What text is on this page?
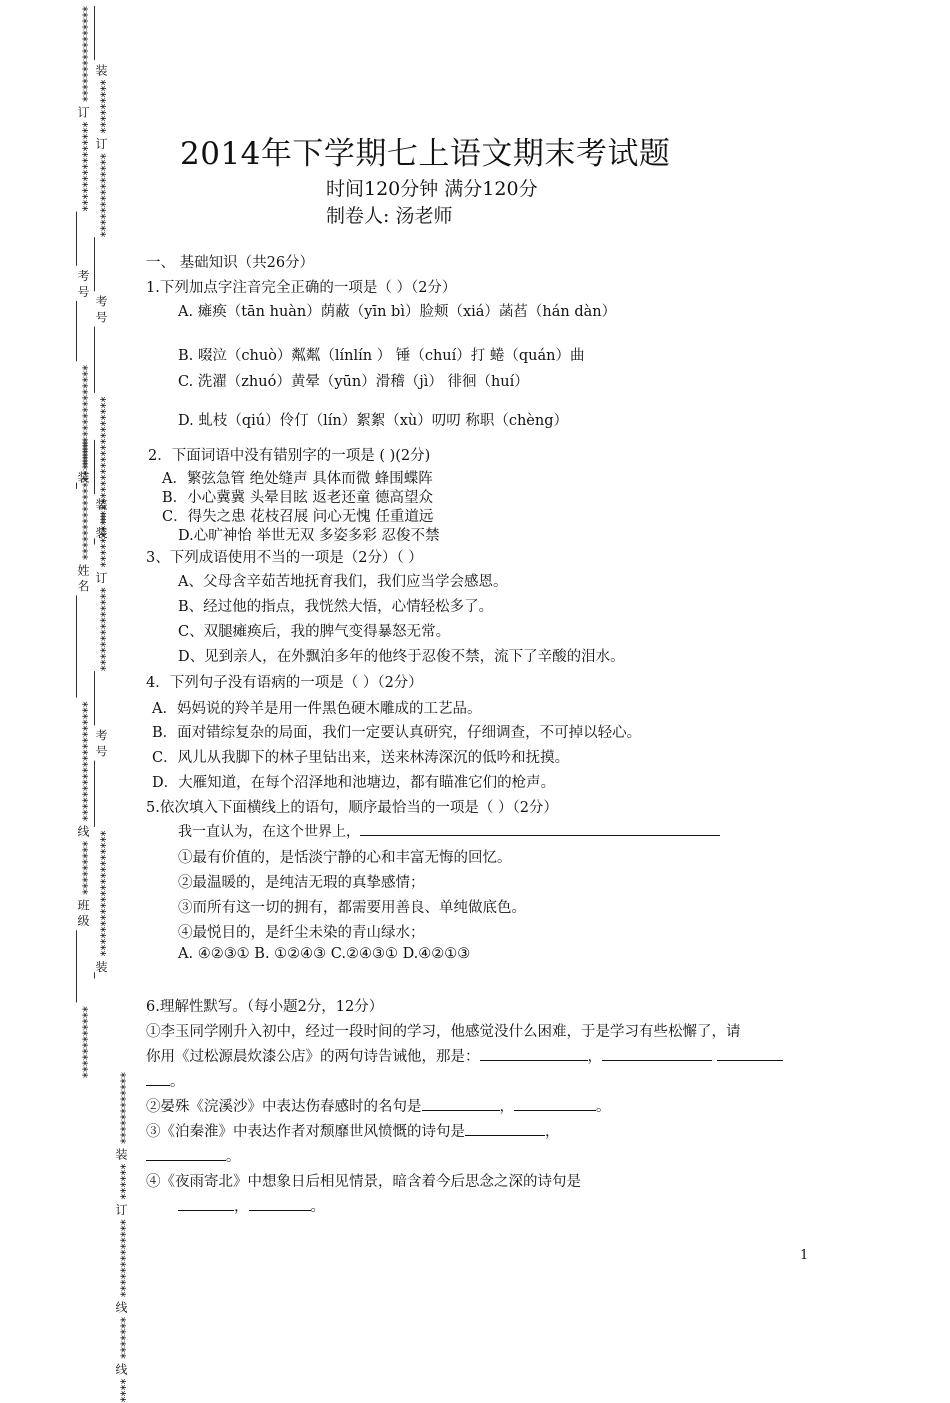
**************** 订 ***************_________ 考 号 __________ ***************** 装_ _________ 装 ********* 订 **************_________ 考 号 ___________ ********************* 装_
******************** 姓 名 _________________ ******************** 线 ********* 班 级 ____________ ************ _________ 装 ********* 订 **************_________ 考 号 ___________ ********************* 装_
************ 装 ****** 订 ************* 线 ******* 线 ****
2014年下学期七上语文期末考试题
时间120分钟 满分120分
制卷人: 汤老师
一、 基础知识（共26分）
1.下列加点字注音完全正确的一项是（ ）（2分）
A. 瘫痪（tān huàn）荫蔽（yīn bì）脸颊（xiá）菡萏（hán dàn）
B. 啜泣（chuò）粼粼（línlín ） 锤（chuí）打 蜷（quán）曲
C. 洗濯（zhuó）黄晕（yūn）滑稽（jì） 徘徊（huí）
D. 虬枝（qiú）伶仃（lín）絮絮（xù）叨叨 称职（chèng）
2．下面词语中没有错别字的一项是 ( )(2分)
A．繁弦急管 绝处缝声 具体而微 蜂围蝶阵
B．小心冀冀 头晕目眩 返老还童 德高望众
C．得失之患 花枝召展 问心无愧 任重道远
D.心旷神怡 举世无双 多姿多彩 忍俊不禁
3、下列成语使用不当的一项是（2分）（ ）
A、父母含辛茹苦地抚育我们，我们应当学会感恩。
B、经过他的指点，我恍然大悟，心情轻松多了。
C、双腿瘫痪后，我的脾气变得暴怒无常。
D、见到亲人，在外飘泊多年的他终于忍俊不禁，流下了辛酸的泪水。
4．下列句子没有语病的一项是（ ）（2分）
A．妈妈说的羚羊是用一件黑色硬木雕成的工艺品。
B．面对错综复杂的局面，我们一定要认真研究，仔细调查，不可掉以轻心。
C．风儿从我脚下的林子里钻出来，送来林涛深沉的低吟和抚摸。
D．大雁知道，在每个沼泽地和池塘边，都有瞄准它们的枪声。
5.依次填入下面横线上的语句，顺序最恰当的一项是（ ）（2分）
我一直认为，在这个世界上，
①最有价值的，是恬淡宁静的心和丰富无悔的回忆。
②最温暖的，是纯洁无瑕的真挚感情；
③而所有这一切的拥有，都需要用善良、单纯做底色。
④最悦目的，是纤尘未染的青山绿水；
A. ④②③① B. ①②④③ C.②④③① D.④②①③
6.理解性默写。（每小题2分，12分）
①李玉同学刚升入初中，经过一段时间的学习，他感觉没什么困难，于是学习有些松懈了，请
你用《过松源晨炊漆公店》的两句诗告诫他，那是：	，
。
②晏殊《浣溪沙》中表达伤春感时的名句是	，	。
③《泊秦淮》中表达作者对颓靡世风愤慨的诗句是	，
。
④《夜雨寄北》中想象日后相见情景，暗含着今后思念之深的诗句是
，	。
1
